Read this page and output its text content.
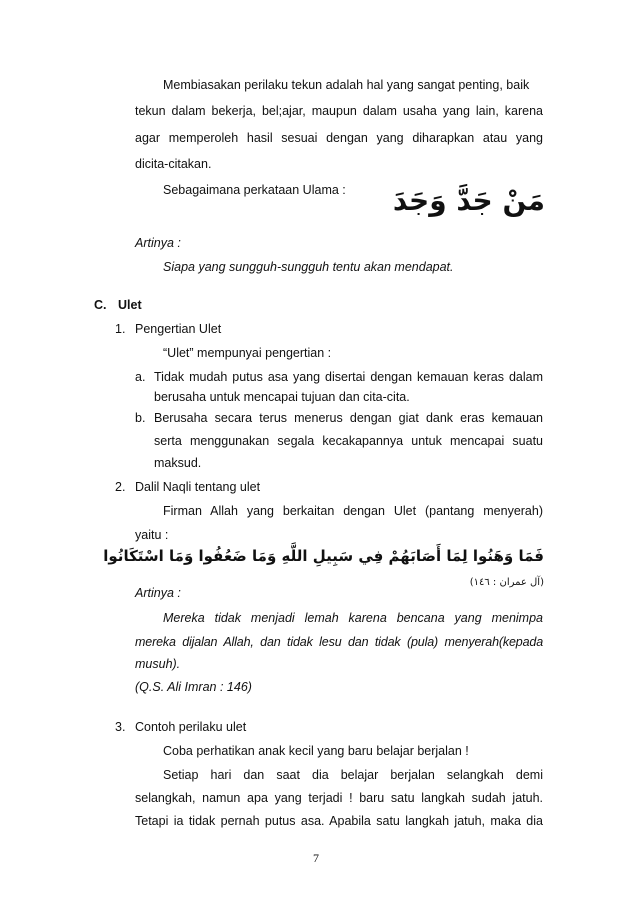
Membiasakan perilaku tekun adalah hal yang sangat penting, baik
tekun dalam bekerja, bel;ajar, maupun dalam usaha yang lain, karena
agar memperoleh hasil sesuai dengan yang diharapkan atau yang
dicita-citakan.
Sebagaimana perkataan Ulama : مَنْ جَدَّ وَجَدَ
Artinya :
Siapa yang sungguh-sungguh tentu akan mendapat.
C. Ulet
1. Pengertian Ulet
“Ulet” mempunyai pengertian :
a. Tidak mudah putus asa yang disertai dengan kemauan keras dalam
berusaha untuk mencapai tujuan dan cita-cita.
b. Berusaha secara terus menerus dengan giat dank eras kemauan
serta menggunakan segala kecakapannya untuk mencapai suatu
maksud.
2. Dalil Naqli tentang ulet
Firman Allah yang berkaitan dengan Ulet (pantang menyerah)
yaitu :
فَمَا وَهَنُوا لِمَا أَصَابَهُمْ فِي سَبِيلِ اللَّهِ وَمَا ضَعُفُوا وَمَا اسْتَكَانُوا
(آل عمران : ١٤٦)
Artinya :
Mereka tidak menjadi lemah karena bencana yang menimpa
mereka dijalan Allah, dan tidak lesu dan tidak (pula) menyerah(kepada
musuh).
(Q.S. Ali Imran : 146)
3. Contoh perilaku ulet
Coba perhatikan anak kecil yang baru belajar berjalan !
Setiap hari dan saat dia belajar berjalan selangkah demi
selangkah, namun apa yang terjadi ! baru satu langkah sudah jatuh.
Tetapi ia tidak pernah putus asa. Apabila satu langkah jatuh, maka dia
7
